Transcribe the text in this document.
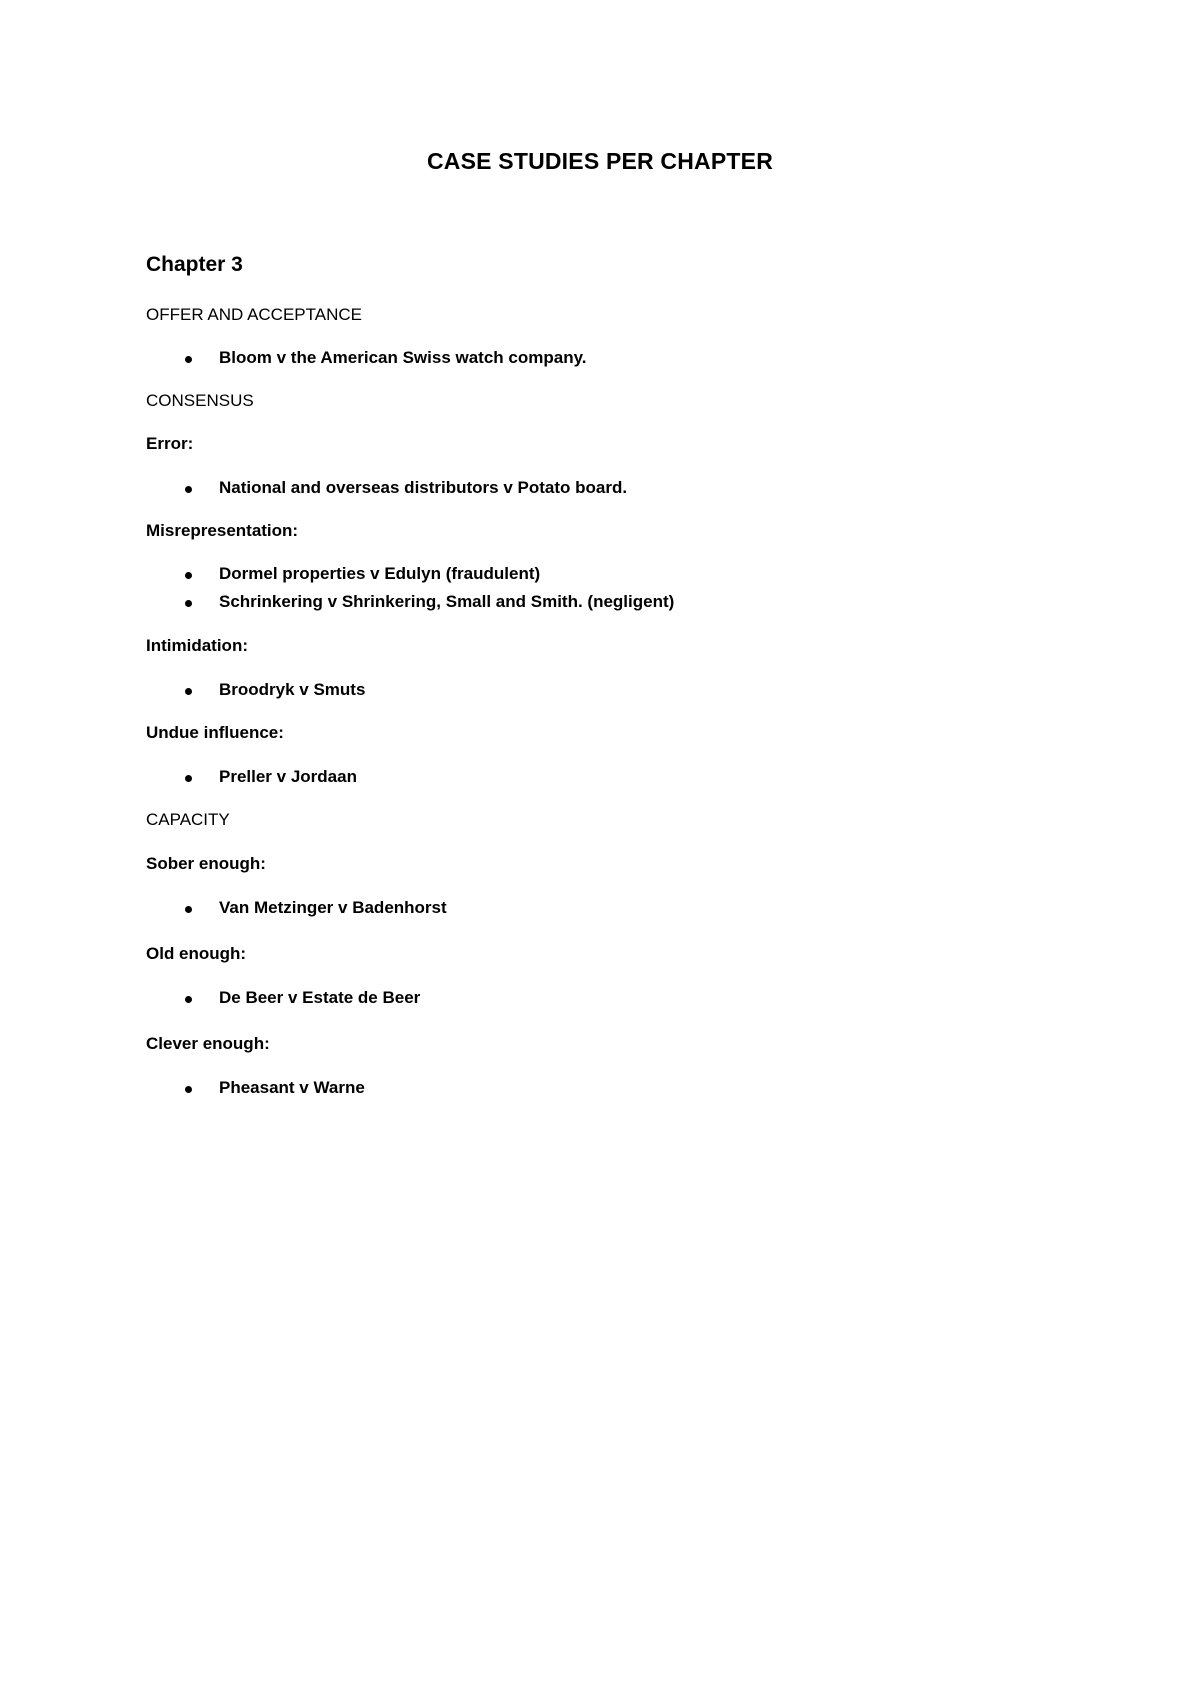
CASE STUDIES PER CHAPTER
Chapter 3

OFFER AND ACCEPTANCE

Bloom v the American Swiss watch company.

CONSENSUS

Error:

National and overseas distributors v Potato board.

Misrepresentation:

Dormel properties v Edulyn (fraudulent)
Schrinkering v Shrinkering, Small and Smith. (negligent)

Intimidation:

Broodryk v Smuts

Undue influence:

Preller v Jordaan

CAPACITY

Sober enough:

Van Metzinger v Badenhorst

Old enough:

De Beer v Estate de Beer

Clever enough:

Pheasant v Warne
